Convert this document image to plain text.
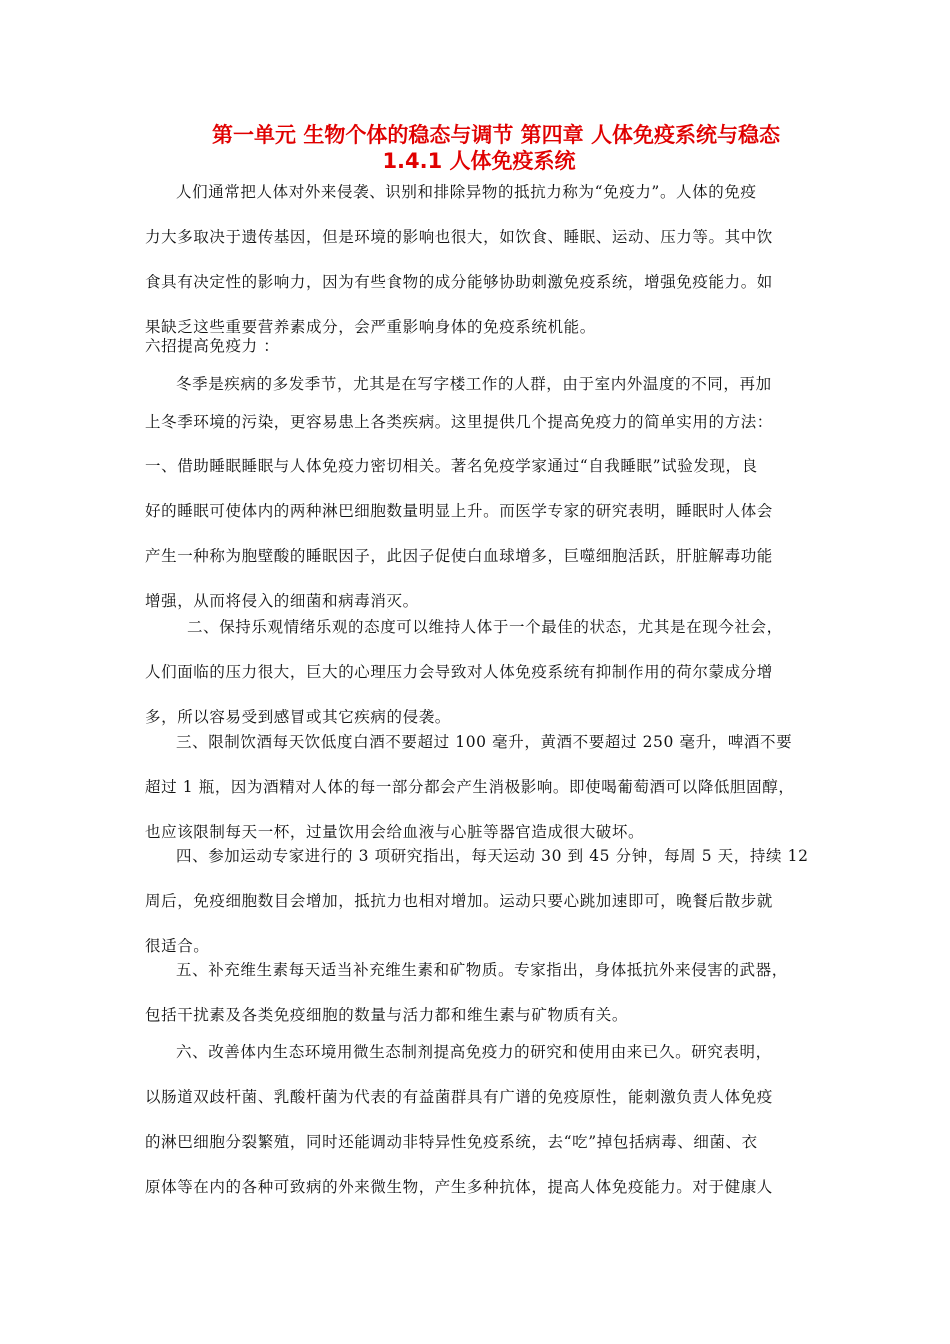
第一单元 生物个体的稳态与调节 第四章 人体免疫系统与稳态
1.4.1 人体免疫系统
人们通常把人体对外来侵袭、识别和排除异物的抵抗力称为“免疫力”。人体的免疫
力大多取决于遗传基因，但是环境的影响也很大，如饮食、睡眠、运动、压力等。其中饮
食具有决定性的影响力，因为有些食物的成分能够协助刺激免疫系统，增强免疫能力。如
果缺乏这些重要营养素成分，会严重影响身体的免疫系统机能。
六招提高免疫力 ：
冬季是疾病的多发季节，尤其是在写字楼工作的人群，由于室内外温度的不同，再加
上冬季环境的污染，更容易患上各类疾病。这里提供几个提高免疫力的简单实用的方法：
一、借助睡眠睡眠与人体免疫力密切相关。著名免疫学家通过“自我睡眠”试验发现，良
好的睡眠可使体内的两种淋巴细胞数量明显上升。而医学专家的研究表明，睡眠时人体会
产生一种称为胞壁酸的睡眠因子，此因子促使白血球增多，巨噬细胞活跃，肝脏解毒功能
增强，从而将侵入的细菌和病毒消灭。
二、保持乐观情绪乐观的态度可以维持人体于一个最佳的状态，尤其是在现今社会，
人们面临的压力很大，巨大的心理压力会导致对人体免疫系统有抑制作用的荷尔蒙成分增
多，所以容易受到感冒或其它疾病的侵袭。
三、限制饮酒每天饮低度白酒不要超过 100 毫升，黄酒不要超过 250 毫升，啤酒不要
超过 1 瓶，因为酒精对人体的每一部分都会产生消极影响。即使喝葡萄酒可以降低胆固醇，
也应该限制每天一杯，过量饮用会给血液与心脏等器官造成很大破坏。
四、参加运动专家进行的 3 项研究指出，每天运动 30 到 45 分钟，每周 5 天，持续 12
周后，免疫细胞数目会增加，抵抗力也相对增加。运动只要心跳加速即可，晚餐后散步就
很适合。
五、补充维生素每天适当补充维生素和矿物质。专家指出，身体抵抗外来侵害的武器，
包括干扰素及各类免疫细胞的数量与活力都和维生素与矿物质有关。
六、改善体内生态环境用微生态制剂提高免疫力的研究和使用由来已久。研究表明，
以肠道双歧杆菌、乳酸杆菌为代表的有益菌群具有广谱的免疫原性，能刺激负责人体免疫
的淋巴细胞分裂繁殖，同时还能调动非特异性免疫系统，去“吃”掉包括病毒、细菌、衣
原体等在内的各种可致病的外来微生物，产生多种抗体，提高人体免疫能力。对于健康人
